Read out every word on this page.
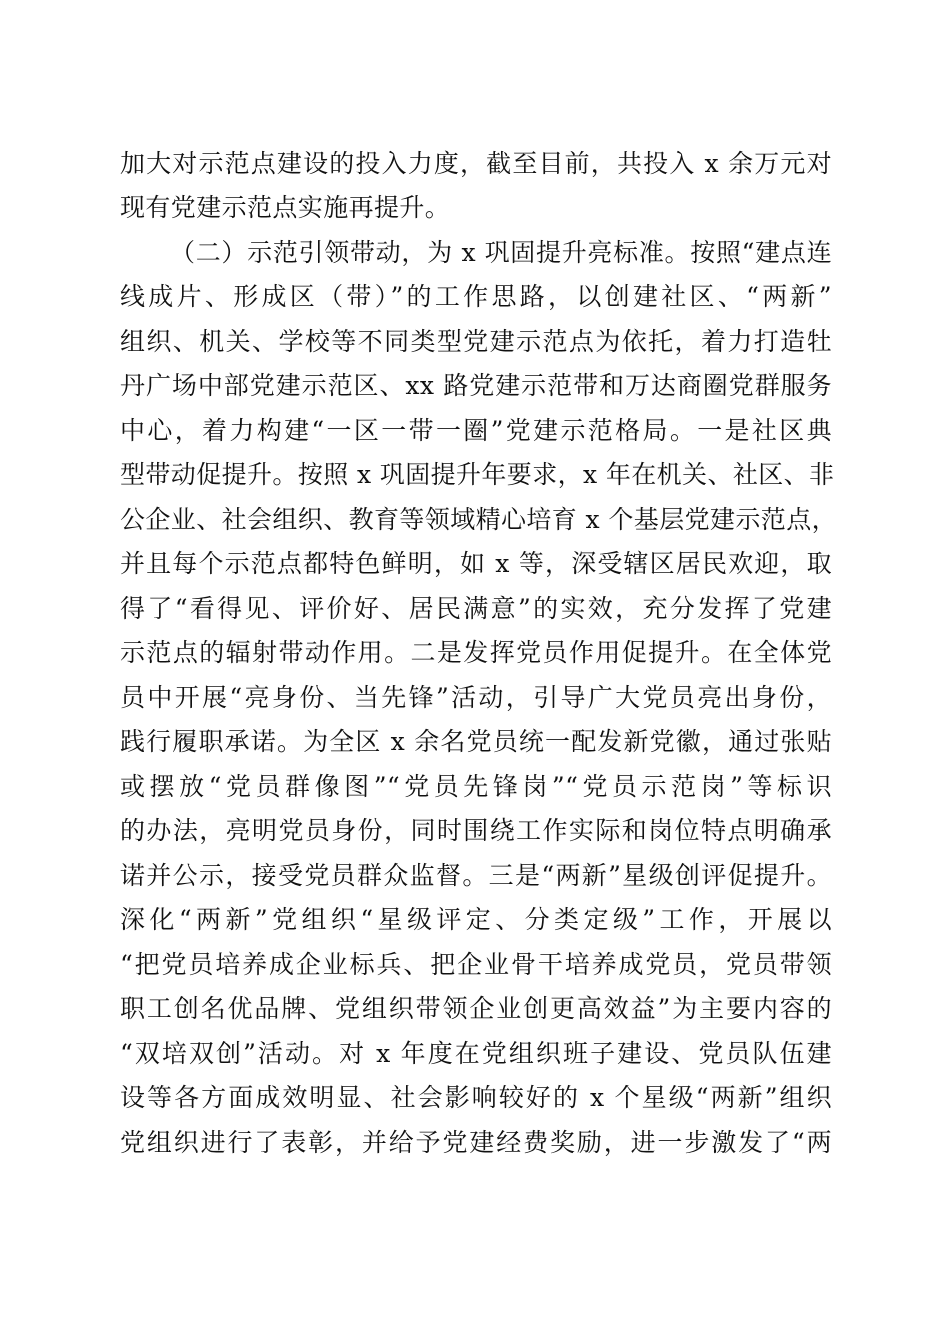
加大对示范点建设的投入力度，截至目前，共投入 x 余万元对
现有党建示范点实施再提升。
（二）示范引领带动，为 x 巩固提升亮标准。按照“建点连
线成片、形成区（带）”的工作思路，以创建社区、“两新”
组织、机关、学校等不同类型党建示范点为依托，着力打造牡
丹广场中部党建示范区、xx 路党建示范带和万达商圈党群服务
中心，着力构建“一区一带一圈”党建示范格局。一是社区典
型带动促提升。按照 x 巩固提升年要求，x 年在机关、社区、非
公企业、社会组织、教育等领域精心培育 x 个基层党建示范点，
并且每个示范点都特色鲜明，如 x 等，深受辖区居民欢迎，取
得了“看得见、评价好、居民满意”的实效，充分发挥了党建
示范点的辐射带动作用。二是发挥党员作用促提升。在全体党
员中开展“亮身份、当先锋”活动，引导广大党员亮出身份，
践行履职承诺。为全区 x 余名党员统一配发新党徽，通过张贴
或摆放“党员群像图”“党员先锋岗”“党员示范岗”等标识
的办法，亮明党员身份，同时围绕工作实际和岗位特点明确承
诺并公示，接受党员群众监督。三是“两新”星级创评促提升。
深化“两新”党组织“星级评定、分类定级”工作，开展以
“把党员培养成企业标兵、把企业骨干培养成党员，党员带领
职工创名优品牌、党组织带领企业创更高效益”为主要内容的
“双培双创”活动。对 x 年度在党组织班子建设、党员队伍建
设等各方面成效明显、社会影响较好的 x 个星级“两新”组织
党组织进行了表彰，并给予党建经费奖励，进一步激发了“两
